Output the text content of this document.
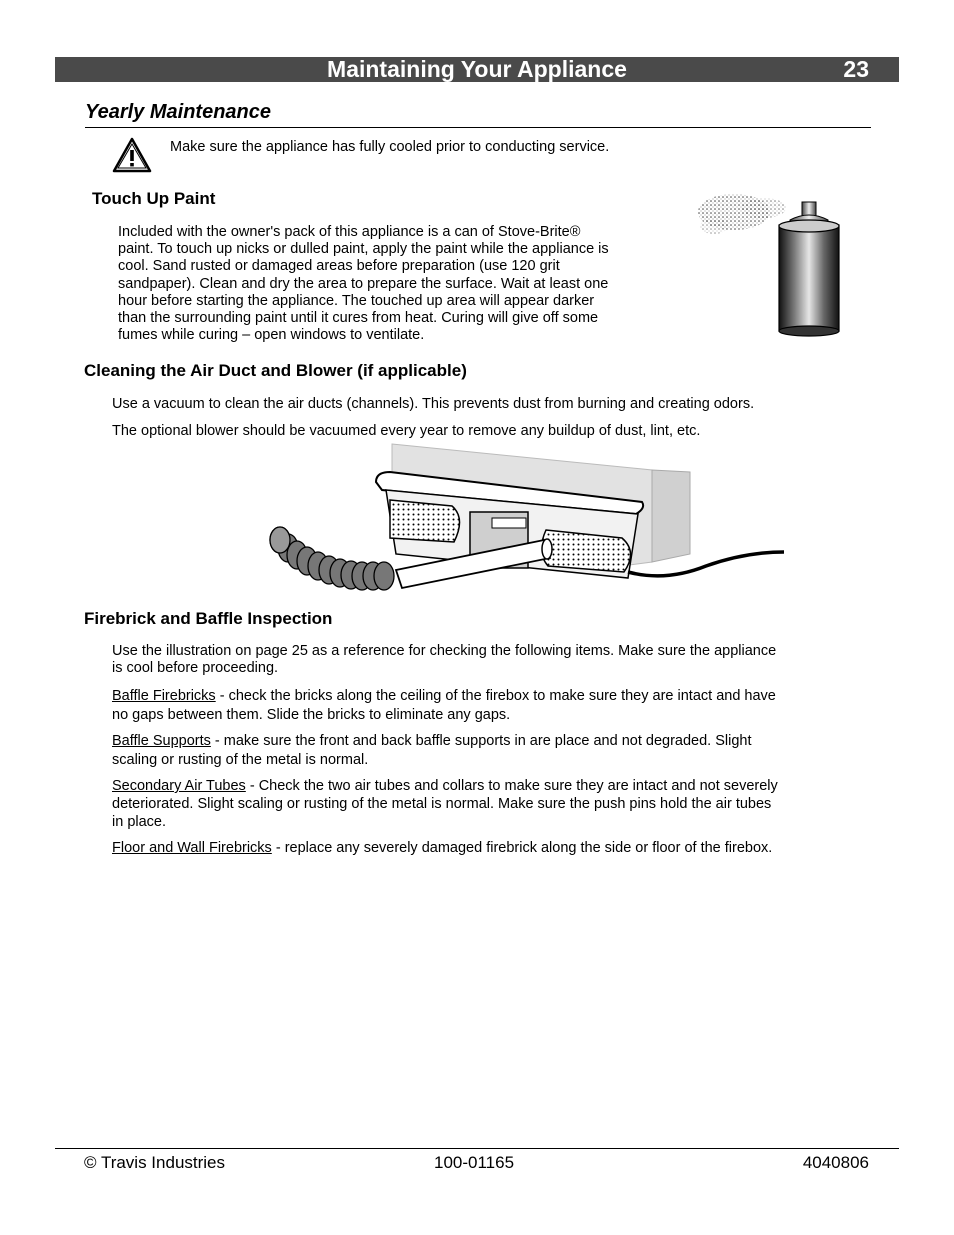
Maintaining Your Appliance	23
Yearly Maintenance
Make sure the appliance has fully cooled prior to conducting service.
Touch Up Paint
Included with the owner's pack of this appliance is a can of Stove-Brite®
paint. To touch up nicks or dulled paint, apply the paint while the appliance is
cool. Sand rusted or damaged areas before preparation (use 120 grit
sandpaper). Clean and dry the area to prepare the surface. Wait at least one
hour before starting the appliance. The touched up area will appear darker
than the surrounding paint until it cures from heat. Curing will give off some
fumes while curing – open windows to ventilate.
Cleaning the Air Duct and Blower (if applicable)
Use a vacuum to clean the air ducts (channels). This prevents dust from burning and creating odors.
The optional blower should be vacuumed every year to remove any buildup of dust, lint, etc.
Firebrick and Baffle Inspection
Use the illustration on page 25 as a reference for checking the following items. Make sure the appliance
is cool before proceeding.
Baffle Firebricks - check the bricks along the ceiling of the firebox to make sure they are intact and have
no gaps between them. Slide the bricks to eliminate any gaps.
Baffle Supports - make sure the front and back baffle supports in are place and not degraded. Slight
scaling or rusting of the metal is normal.
Secondary Air Tubes - Check the two air tubes and collars to make sure they are intact and not severely
deteriorated. Slight scaling or rusting of the metal is normal. Make sure the push pins hold the air tubes
in place.
Floor and Wall Firebricks - replace any severely damaged firebrick along the side or floor of the firebox.
© Travis Industries	100-01165	4040806
